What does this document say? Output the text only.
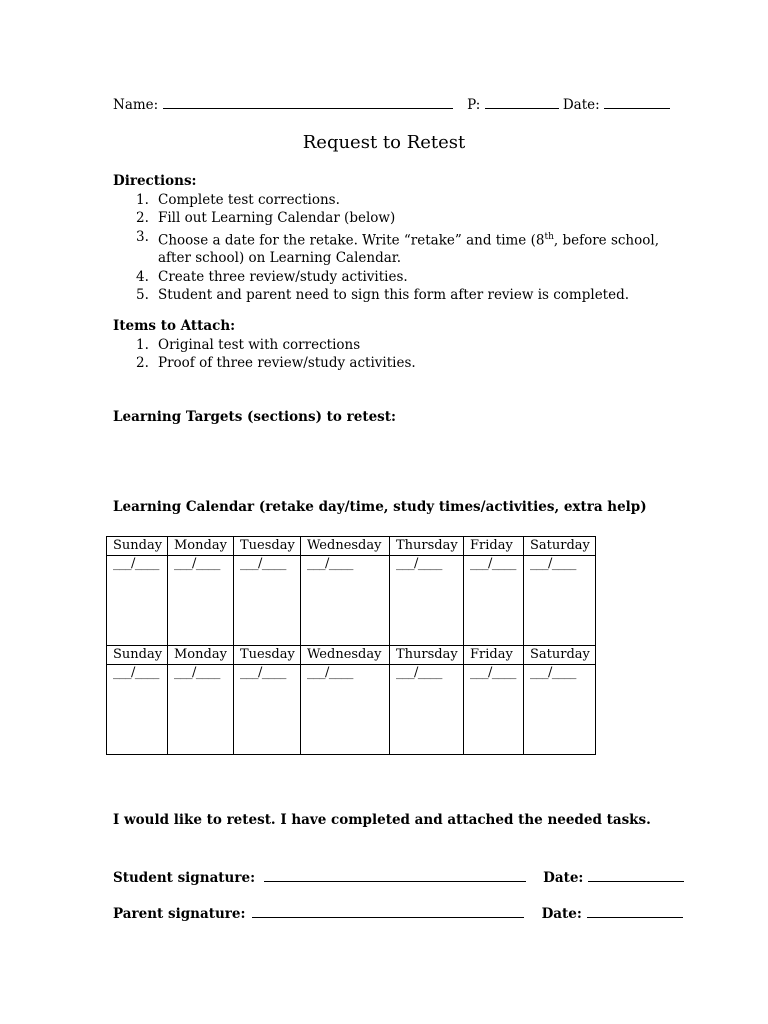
Name:	P:	Date:
Request to Retest
Directions:
1. Complete test corrections.
2. Fill out Learning Calendar (below)
3. Choose a date for the retake. Write “retake” and time (8th, before school,
after school) on Learning Calendar.
4. Create three review/study activities.
5. Student and parent need to sign this form after review is completed.
Items to Attach:
1. Original test with corrections
2. Proof of three review/study activities.
Learning Targets (sections) to retest:
Learning Calendar (retake day/time, study times/activities, extra help)
Sunday	Monday	Tuesday	Wednesday	Thursday	Friday	Saturday
___/____	___/____	___/____	___/____	___/____	___/____	___/____
Sunday	Monday	Tuesday	Wednesday	Thursday	Friday	Saturday
___/____	___/____	___/____	___/____	___/____	___/____	___/____
I would like to retest. I have completed and attached the needed tasks.
Student signature:	Date:
Parent signature:	Date:
